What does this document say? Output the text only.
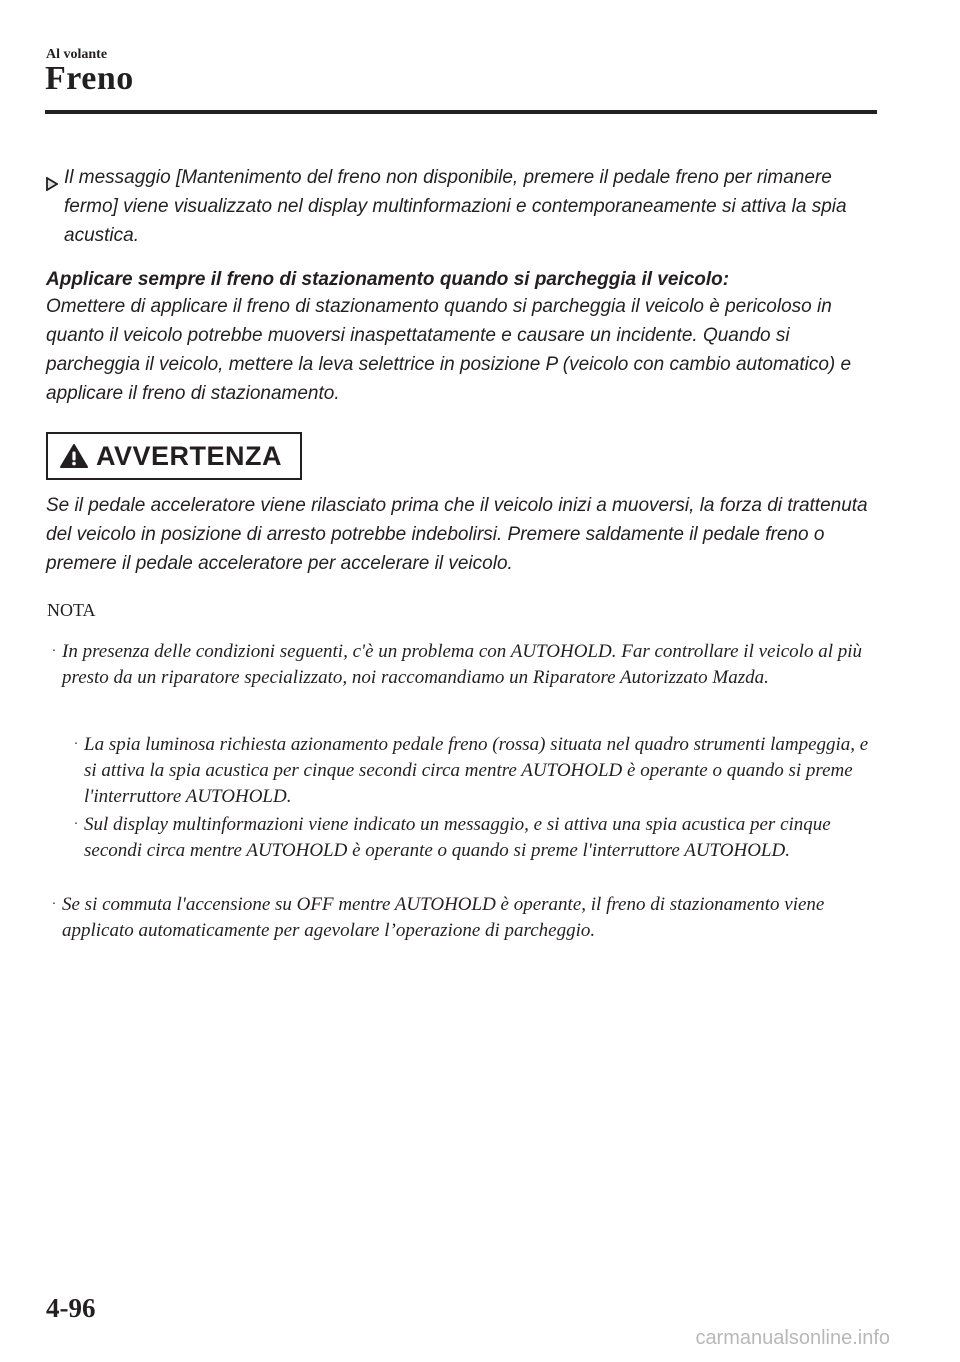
Al volante
Freno
Il messaggio [Mantenimento del freno non disponibile, premere il pedale freno per rimanere fermo] viene visualizzato nel display multinformazioni e contemporaneamente si attiva la spia acustica.
Applicare sempre il freno di stazionamento quando si parcheggia il veicolo:
Omettere di applicare il freno di stazionamento quando si parcheggia il veicolo è pericoloso in quanto il veicolo potrebbe muoversi inaspettatamente e causare un incidente. Quando si parcheggia il veicolo, mettere la leva selettrice in posizione P (veicolo con cambio automatico) e applicare il freno di stazionamento.
AVVERTENZA
Se il pedale acceleratore viene rilasciato prima che il veicolo inizi a muoversi, la forza di trattenuta del veicolo in posizione di arresto potrebbe indebolirsi. Premere saldamente il pedale freno o premere il pedale acceleratore per accelerare il veicolo.
NOTA
· In presenza delle condizioni seguenti, c'è un problema con AUTOHOLD. Far controllare il veicolo al più presto da un riparatore specializzato, noi raccomandiamo un Riparatore Autorizzato Mazda.
· La spia luminosa richiesta azionamento pedale freno (rossa) situata nel quadro strumenti lampeggia, e si attiva la spia acustica per cinque secondi circa mentre AUTOHOLD è operante o quando si preme l'interruttore AUTOHOLD.
· Sul display multinformazioni viene indicato un messaggio, e si attiva una spia acustica per cinque secondi circa mentre AUTOHOLD è operante o quando si preme l'interruttore AUTOHOLD.
· Se si commuta l'accensione su OFF mentre AUTOHOLD è operante, il freno di stazionamento viene applicato automaticamente per agevolare l’operazione di parcheggio.
4-96
carmanualsonline.info
